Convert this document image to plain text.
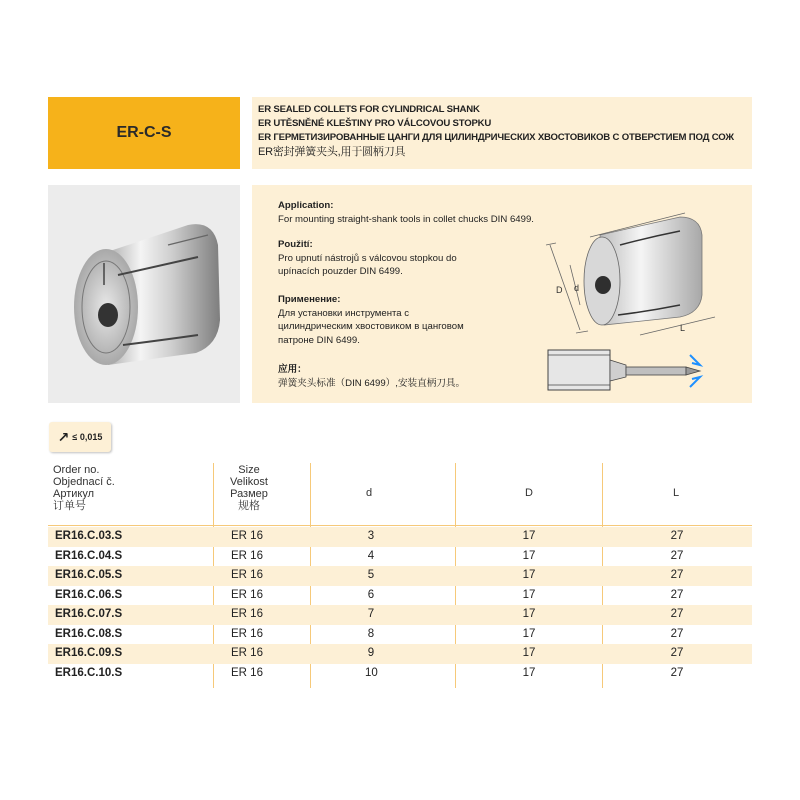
ER-C-S
ER SEALED COLLETS FOR CYLINDRICAL SHANK
ER UTĚSNĚNÉ KLEŠTINY PRO VÁLCOVOU STOPKU
ER ГЕРМЕТИЗИРОВАННЫЕ ЦАНГИ ДЛЯ ЦИЛИНДРИЧЕСКИХ ХВОСТОВИКОВ С ОТВЕРСТИЕМ ПОД СОЖ
ER密封弹簧夹头,用于圆柄刀具
Application:
For mounting straight-shank tools in collet chucks DIN 6499.
Použití:
Pro upnutí nástrojů s válcovou stopkou do upínacích pouzder DIN 6499.
Применение:
Для установки инструмента с цилиндрическим хвостовиком в цанговом патроне DIN 6499.
应用：
弹簧夹头标准（DIN 6499）,安装直柄刀具。
D d
L
↗ ≤ 0,015
Order no.
Objednací č.
Артикул
订单号
Size
Velikost
Размер
规格
d	D	L
ER16.C.03.S	ER 16	3	17	27
ER16.C.04.S	ER 16	4	17	27
ER16.C.05.S	ER 16	5	17	27
ER16.C.06.S	ER 16	6	17	27
ER16.C.07.S	ER 16	7	17	27
ER16.C.08.S	ER 16	8	17	27
ER16.C.09.S	ER 16	9	17	27
ER16.C.10.S	ER 16	10	17	27
